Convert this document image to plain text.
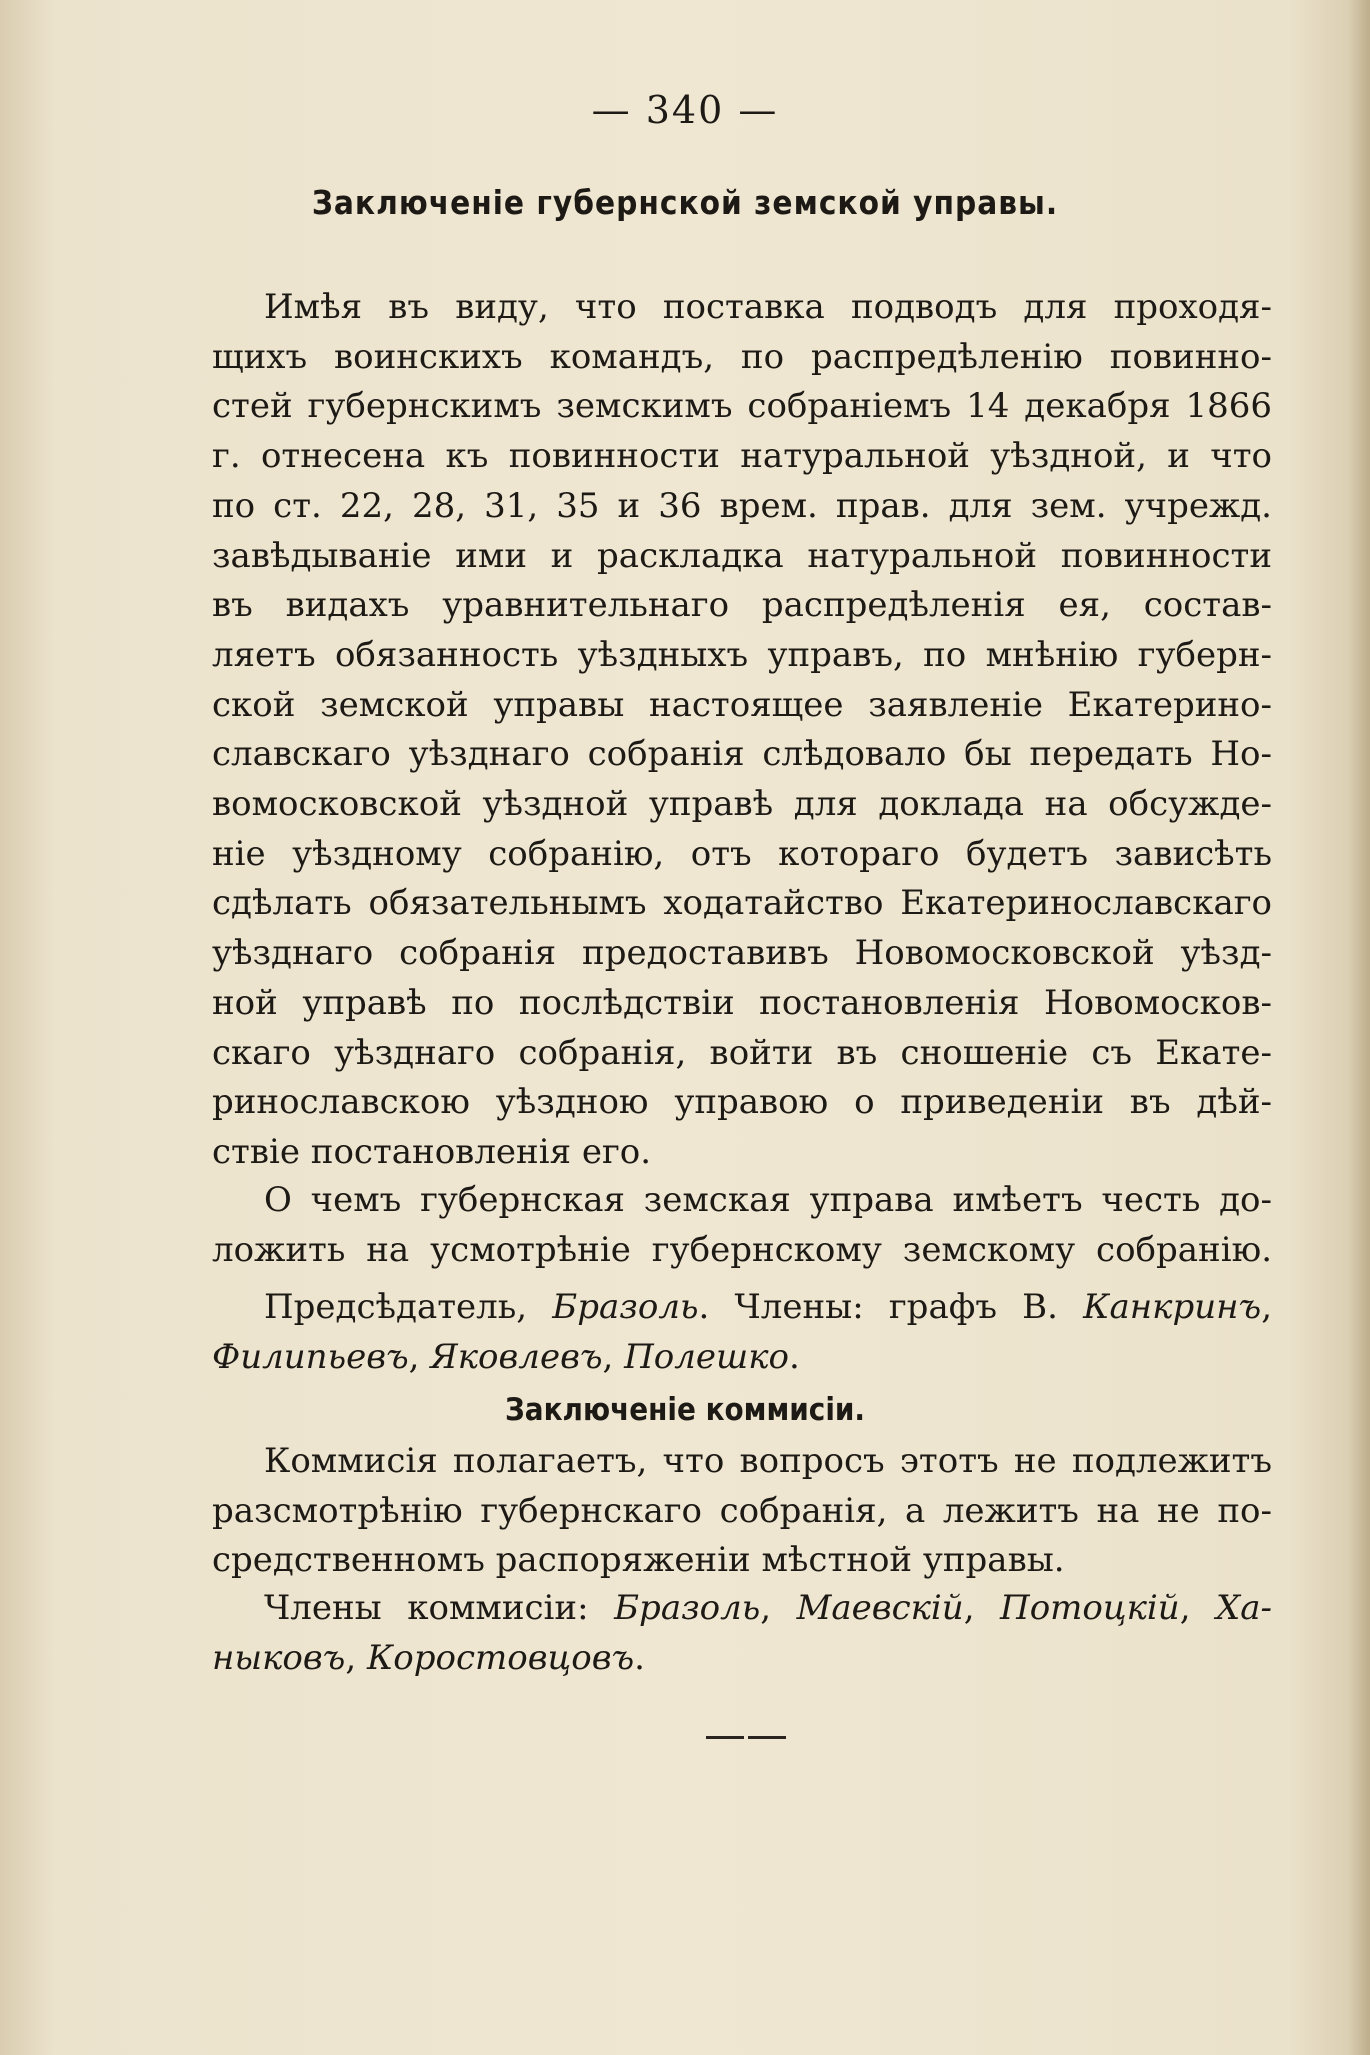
— 340 —
Заключеніе губернской земской управы.
Имѣя въ виду, что поставка подводъ для проходя-
щихъ воинскихъ командъ, по распредѣленію повинно-
стей губернскимъ земскимъ собраніемъ 14 декабря 1866
г. отнесена къ повинности натуральной уѣздной, и что
по ст. 22, 28, 31, 35 и 36 врем. прав. для зем. учрежд.
завѣдываніе ими и раскладка натуральной повинности
въ видахъ уравнительнаго распредѣленія ея, состав-
ляетъ обязанность уѣздныхъ управъ, по мнѣнію губерн-
ской земской управы настоящее заявленіе Екатерино-
славскаго уѣзднаго собранія слѣдовало бы передать Но-
вомосковской уѣздной управѣ для доклада на обсужде-
ніе уѣздному собранію, отъ котораго будетъ зависѣть
сдѣлать обязательнымъ ходатайство Екатеринославскаго
уѣзднаго собранія предоставивъ Новомосковской уѣзд-
ной управѣ по послѣдствіи постановленія Новомосков-
скаго уѣзднаго собранія, войти въ сношеніе съ Екате-
ринославскою уѣздною управою о приведеніи въ дѣй-
ствіе постановленія его.
О чемъ губернская земская управа имѣетъ честь до-
ложить на усмотрѣніе губернскому земскому собранію.
Предсѣдатель, Бразоль. Члены: графъ В. Канкринъ,
Филипьевъ, Яковлевъ, Полешко.
Заключеніе коммисіи.
Коммисія полагаетъ, что вопросъ этотъ не подлежитъ
разсмотрѣнію губернскаго собранія, а лежитъ на не по-
средственномъ распоряженіи мѣстной управы.
Члены коммисіи: Бразоль, Маевскій, Потоцкій, Ха-
ныковъ, Коростовцовъ.
